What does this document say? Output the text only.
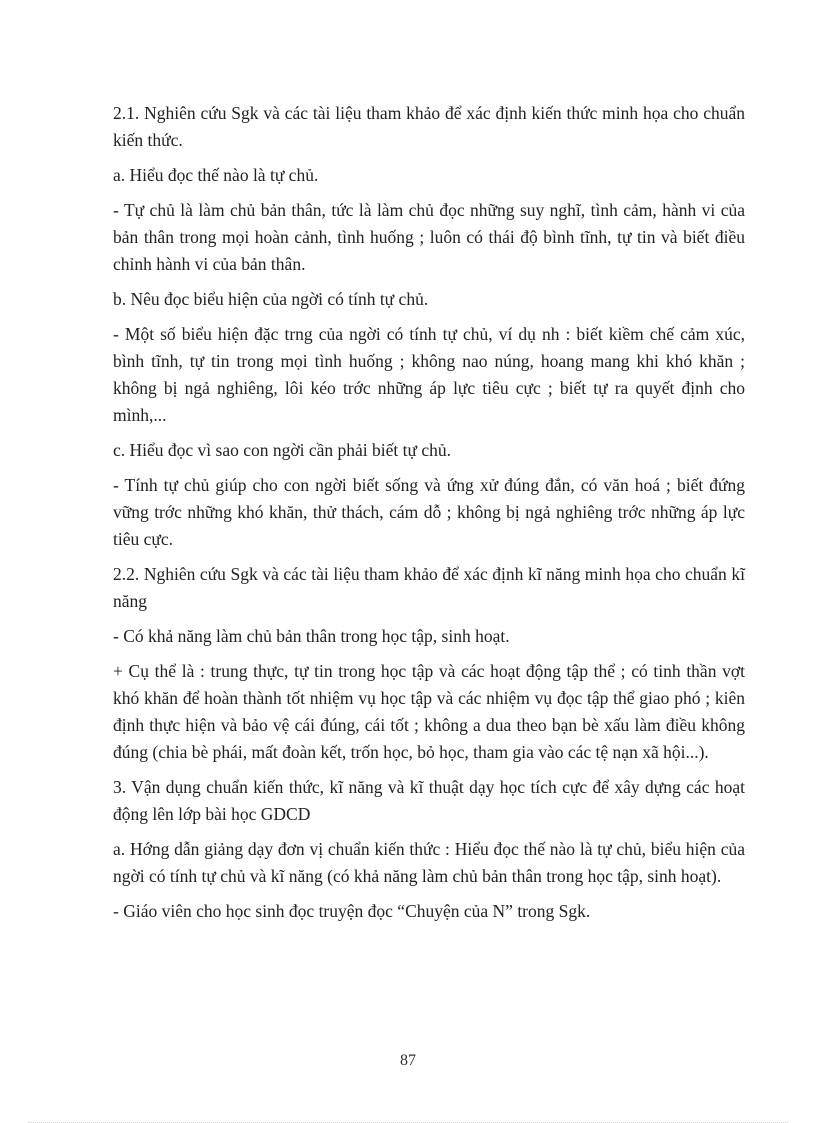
2.1. Nghiên cứu Sgk và các tài liệu tham khảo để xác định kiến thức minh họa cho chuẩn kiến thức.

a. Hiểu đọc thế nào là tự chủ.

- Tự chủ là làm chủ bản thân, tức là làm chủ đọc những suy nghĩ, tình cảm, hành vi của bản thân trong mọi hoàn cảnh, tình huống ; luôn có thái độ bình tĩnh, tự tin và biết điều chỉnh hành vi của bản thân.

b. Nêu đọc biểu hiện của ngời có tính tự chủ.

- Một số biểu hiện đặc trng của ngời có tính tự chủ, ví dụ nh : biết kiềm chế cảm xúc, bình tĩnh, tự tin trong mọi tình huống ; không nao núng, hoang mang khi khó khăn ; không bị ngả nghiêng, lôi kéo trớc những áp lực tiêu cực ; biết tự ra quyết định cho mình,...

c. Hiểu đọc vì sao con ngời cần phải biết tự chủ.

- Tính tự chủ giúp cho con ngời biết sống và ứng xử đúng đắn, có văn hoá ; biết đứng vững trớc những khó khăn, thử thách, cám dỗ ; không bị ngả nghiêng trớc những áp lực tiêu cực.

2.2. Nghiên cứu Sgk và các tài liệu tham khảo để xác định kĩ năng minh họa cho chuẩn kĩ năng

- Có khả năng làm chủ bản thân trong học tập, sinh hoạt.

+ Cụ thể là : trung thực, tự tin trong học tập và các hoạt động tập thể ; có tinh thần vợt khó khăn để hoàn thành tốt nhiệm vụ học tập và các nhiệm vụ đọc tập thể giao phó ; kiên định thực hiện và bảo vệ cái đúng, cái tốt ; không a dua theo bạn bè xấu làm điều không đúng (chia bè phái, mất đoàn kết, trốn học, bỏ học, tham gia vào các tệ nạn xã hội...).

3. Vận dụng chuẩn kiến thức, kĩ năng và kĩ thuật dạy học tích cực để xây dựng các hoạt động lên lớp bài học GDCD

a. Hớng dẫn giảng dạy đơn vị chuẩn kiến thức : Hiểu đọc thế nào là tự chủ, biểu hiện của ngời có tính tự chủ và kĩ năng (có khả năng làm chủ bản thân trong học tập, sinh hoạt).

- Giáo viên cho học sinh đọc truyện đọc “Chuyện của N” trong Sgk.

87
